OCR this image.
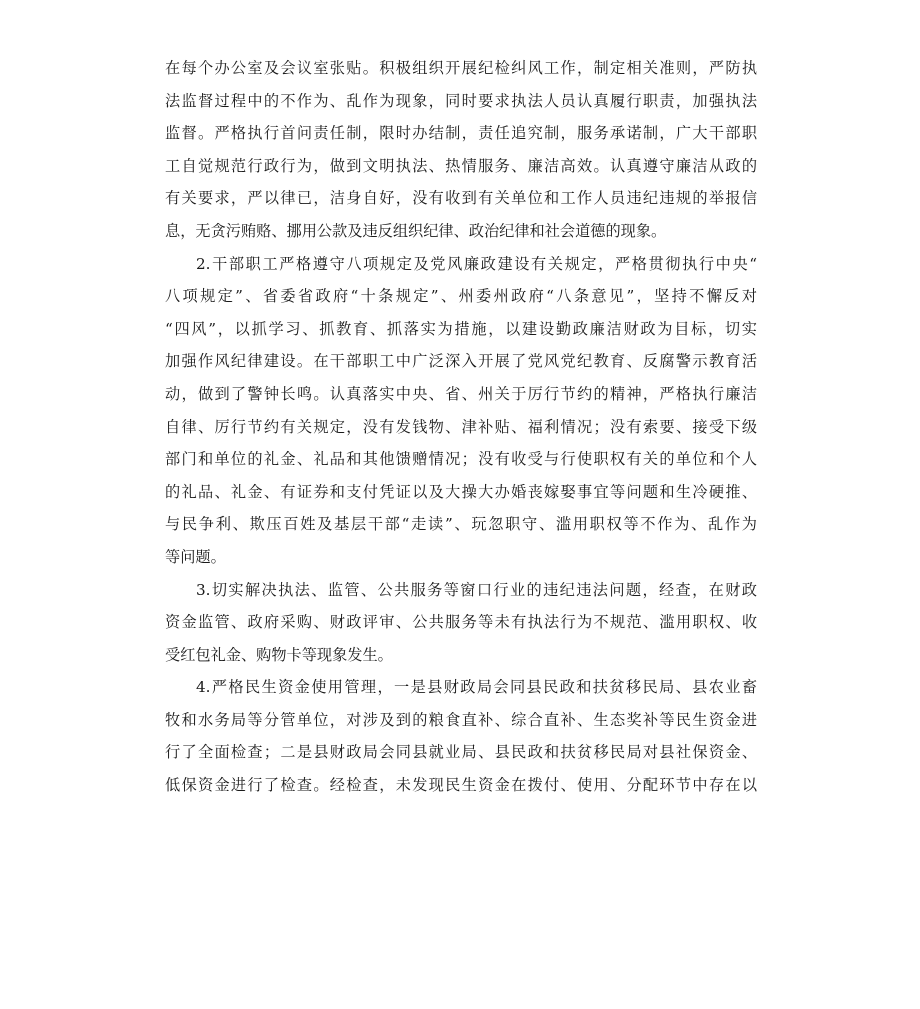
在每个办公室及会议室张贴。积极组织开展纪检纠风工作，制定相关准则，严防执
法监督过程中的不作为、乱作为现象，同时要求执法人员认真履行职责，加强执法
监督。严格执行首问责任制，限时办结制，责任追究制，服务承诺制，广大干部职
工自觉规范行政行为，做到文明执法、热情服务、廉洁高效。认真遵守廉洁从政的
有关要求，严以律已，洁身自好，没有收到有关单位和工作人员违纪违规的举报信
息，无贪污贿赂、挪用公款及违反组织纪律、政治纪律和社会道德的现象。
2.干部职工严格遵守八项规定及党风廉政建设有关规定，严格贯彻执行中央“
八项规定”、省委省政府“十条规定”、州委州政府“八条意见”，坚持不懈反对
“四风”，以抓学习、抓教育、抓落实为措施，以建设勤政廉洁财政为目标，切实
加强作风纪律建设。在干部职工中广泛深入开展了党风党纪教育、反腐警示教育活
动，做到了警钟长鸣。认真落实中央、省、州关于厉行节约的精神，严格执行廉洁
自律、厉行节约有关规定，没有发钱物、津补贴、福利情况；没有索要、接受下级
部门和单位的礼金、礼品和其他馈赠情况；没有收受与行使职权有关的单位和个人
的礼品、礼金、有证券和支付凭证以及大操大办婚丧嫁娶事宜等问题和生冷硬推、
与民争利、欺压百姓及基层干部“走读”、玩忽职守、滥用职权等不作为、乱作为
等问题。
3.切实解决执法、监管、公共服务等窗口行业的违纪违法问题，经查，在财政
资金监管、政府采购、财政评审、公共服务等未有执法行为不规范、滥用职权、收
受红包礼金、购物卡等现象发生。
4.严格民生资金使用管理，一是县财政局会同县民政和扶贫移民局、县农业畜
牧和水务局等分管单位，对涉及到的粮食直补、综合直补、生态奖补等民生资金进
行了全面检查；二是县财政局会同县就业局、县民政和扶贫移民局对县社保资金、
低保资金进行了检查。经检查，未发现民生资金在拨付、使用、分配环节中存在以
